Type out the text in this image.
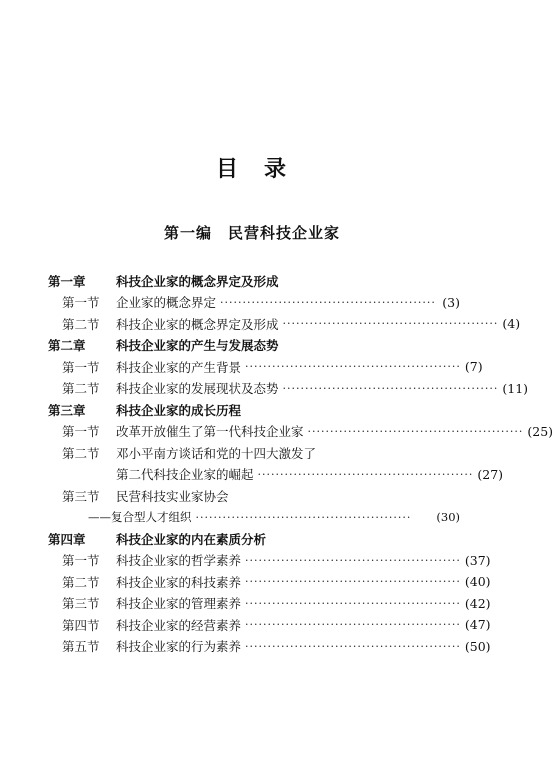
目　录
第一编　民营科技企业家
第一章	科技企业家的概念界定及形成
第一节	企业家的概念界定 ················································ (3)
第二节	科技企业家的概念界定及形成 ················································ (4)
第二章	科技企业家的产生与发展态势
第一节	科技企业家的产生背景 ················································ (7)
第二节	科技企业家的发展现状及态势 ················································ (11)
第三章	科技企业家的成长历程
第一节	改革开放催生了第一代科技企业家 ················································ (25)
第二节	邓小平南方谈话和党的十四大激发了
第二代科技企业家的崛起 ················································ (27)
第三节	民营科技实业家协会
——复合型人才组织 ················································	(30)
第四章	科技企业家的内在素质分析
第一节	科技企业家的哲学素养 ················································ (37)
第二节	科技企业家的科技素养 ················································ (40)
第三节	科技企业家的管理素养 ················································ (42)
第四节	科技企业家的经营素养 ················································ (47)
第五节	科技企业家的行为素养 ················································ (50)
